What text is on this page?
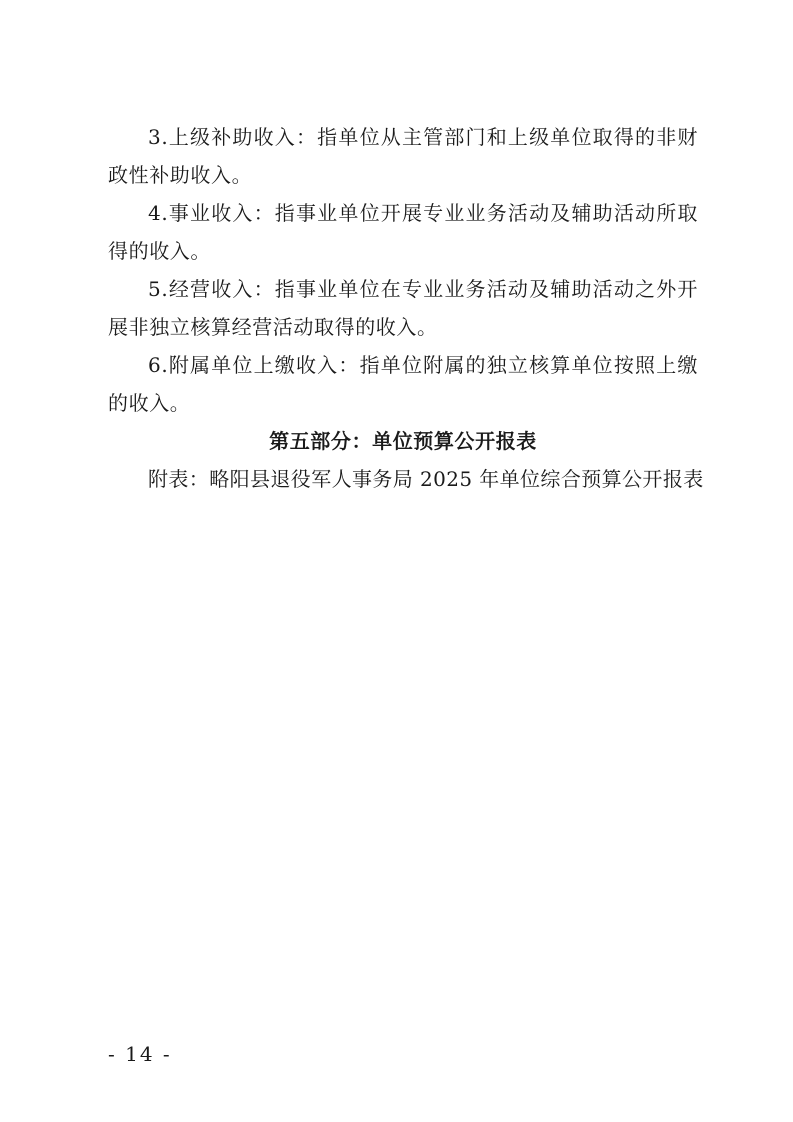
3.上级补助收入：指单位从主管部门和上级单位取得的非财政性补助收入。

4.事业收入：指事业单位开展专业业务活动及辅助活动所取得的收入。

5.经营收入：指事业单位在专业业务活动及辅助活动之外开展非独立核算经营活动取得的收入。

6.附属单位上缴收入：指单位附属的独立核算单位按照上缴的收入。

第五部分：单位预算公开报表

附表：略阳县退役军人事务局 2025 年单位综合预算公开报表

- 14 -
